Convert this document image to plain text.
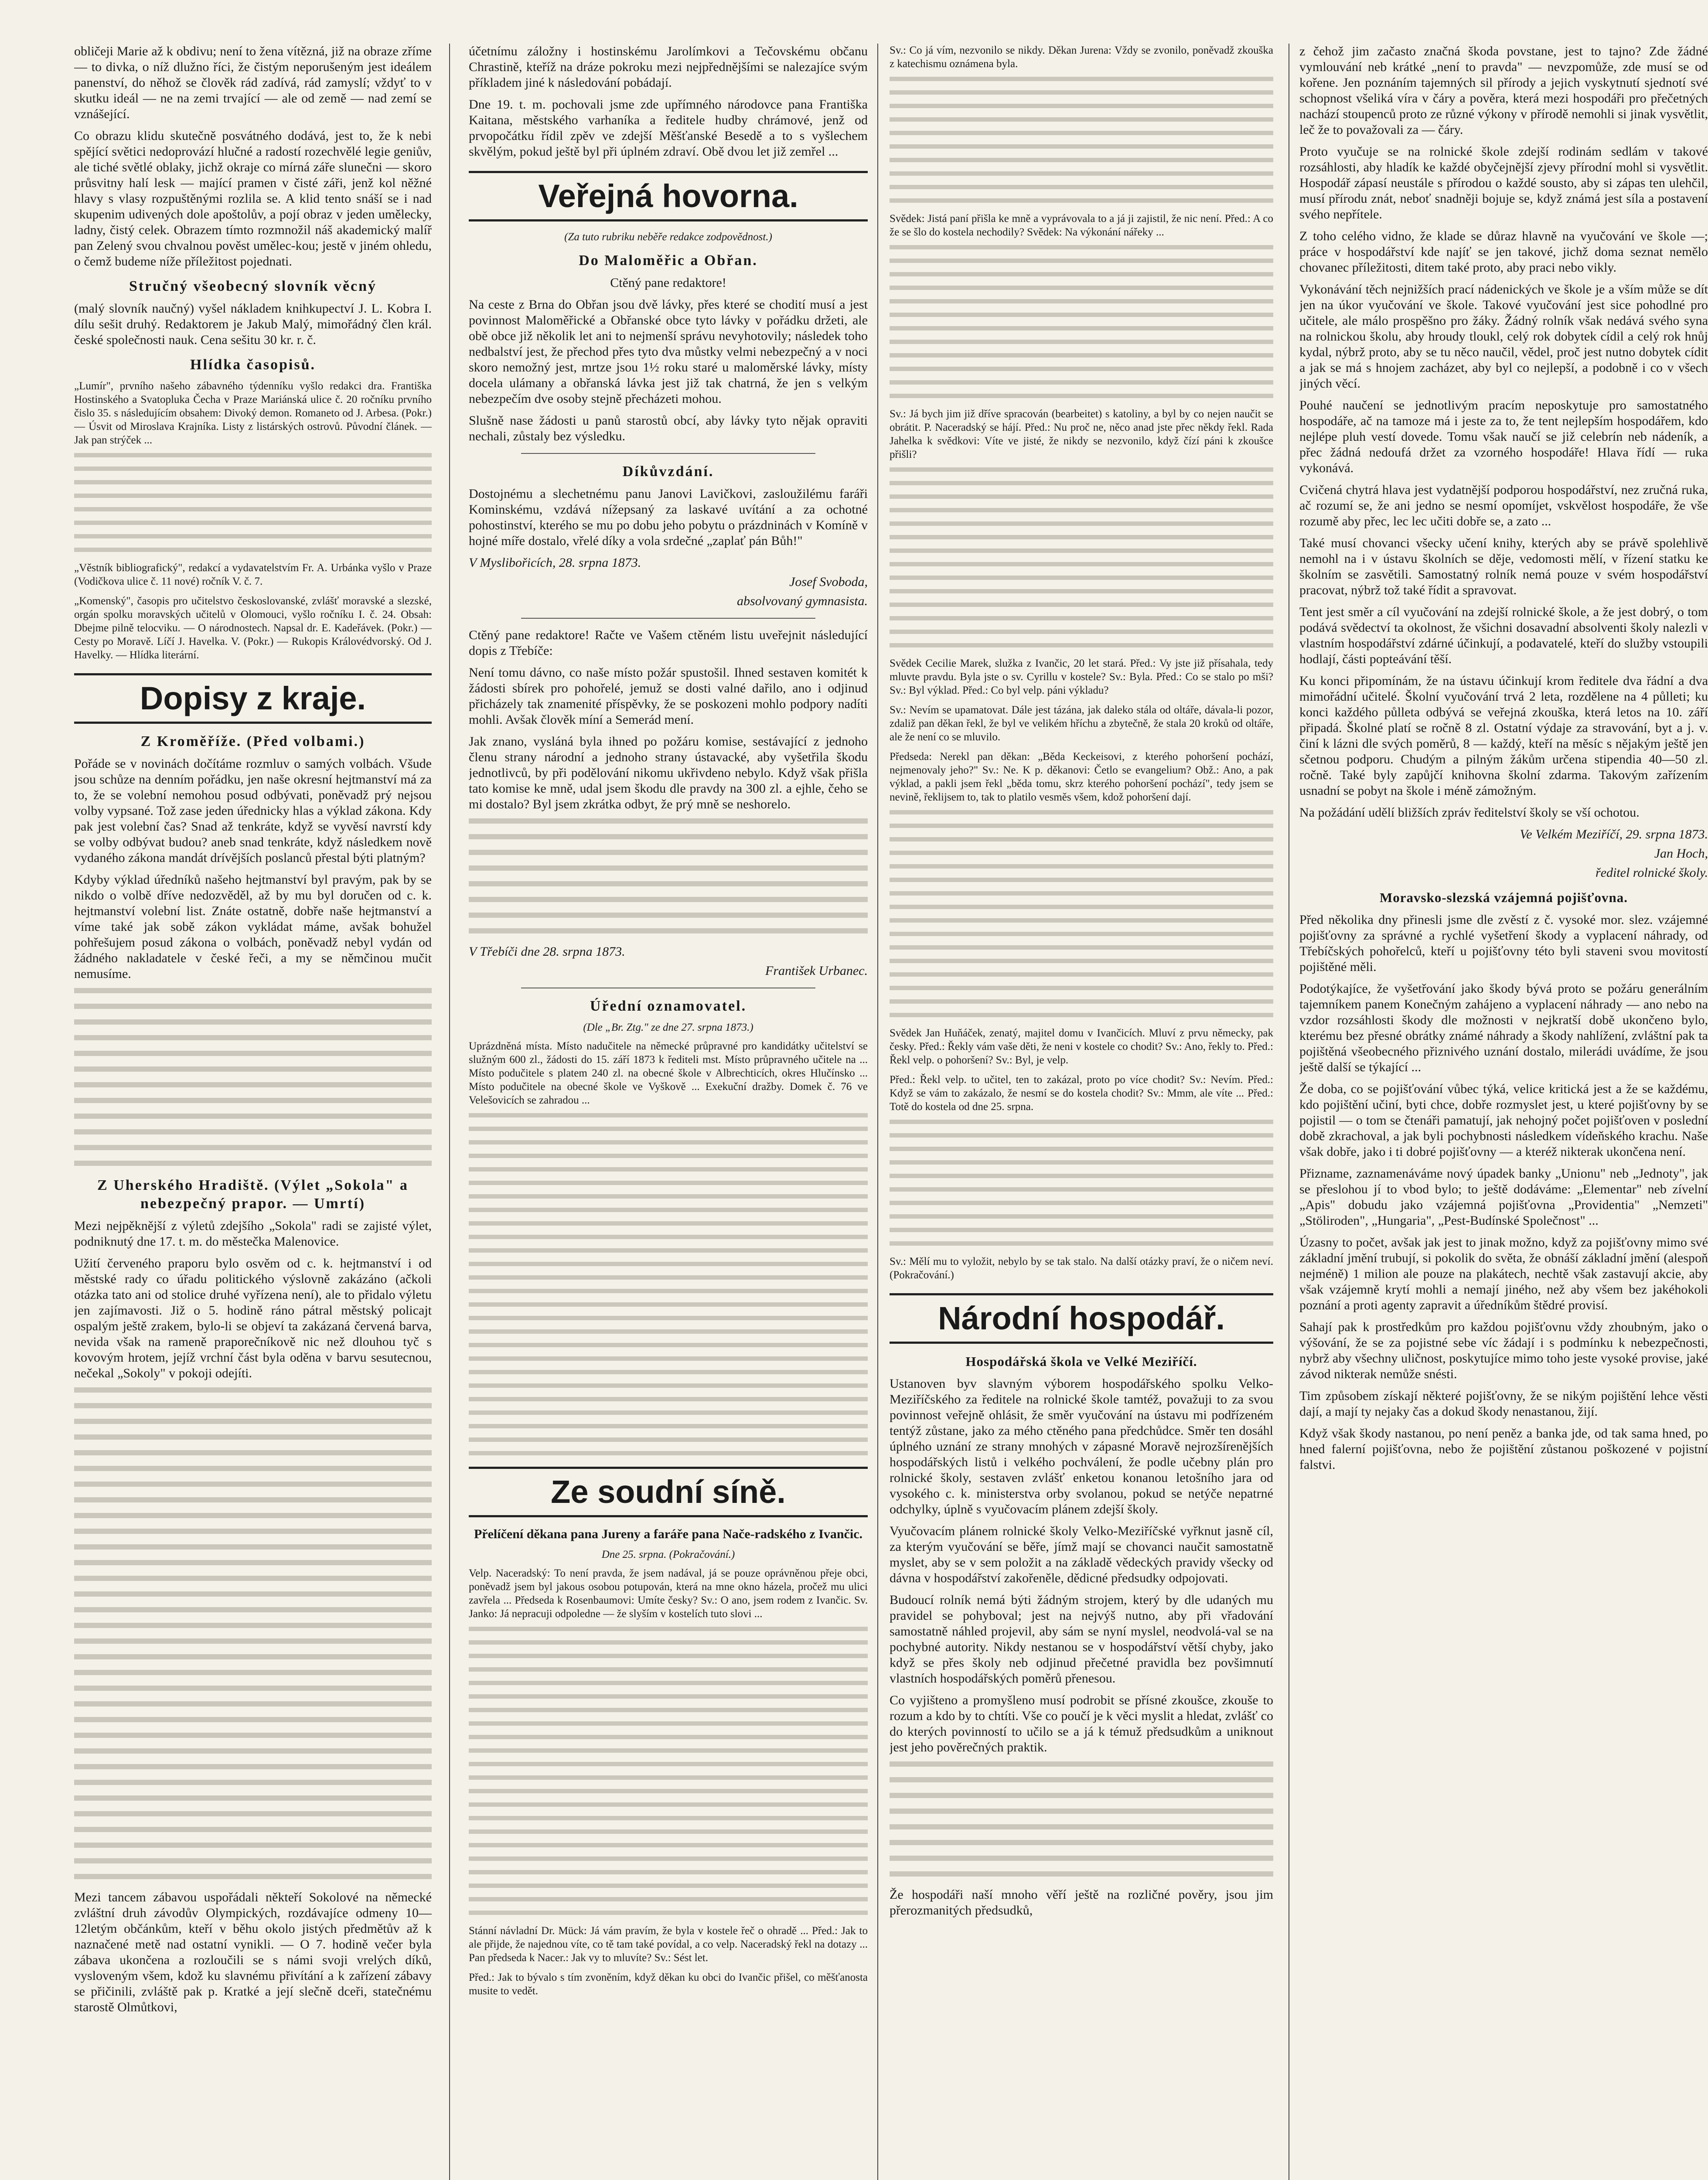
obličeji Marie až k obdivu; není to žena vítězná, již na obraze zříme — to divka, o níž dlužno říci, že čistým neporušeným jest ideálem panenství, do něhož se člověk rád zadívá, rád zamyslí; vždyť to v skutku ideál — ne na zemi trvající — ale od země — nad zemí se vznášející.

Co obrazu klidu skutečně posvátného dodává, jest to, že k nebi spějící světici nedoprovází hlučné a radostí rozechvělé legie geniův, ale tiché světlé oblaky, jichž okraje co mírná záře slunečni — skoro průsvitny halí lesk — mající pramen v čisté záři, jenž kol něžné hlavy s vlasy rozpuštěnými rozlila se. A klid tento snáší se i nad skupenim udivených dole apoštolův, a pojí obraz v jeden umělecky, ladny, čistý celek. Obrazem tímto rozmnožil náš akademický malíř pan Zelený svou chvalnou pověst umělec-kou; jestě v jiném ohledu, o čemž budeme níže příležitost pojednati.

Stručný všeobecný slovník věcný

(malý slovník naučný) vyšel nákladem knihkupectví J. L. Kobra I. dílu sešit druhý. Redaktorem je Jakub Malý, mimořádný člen král. české společnosti nauk. Cena sešitu 30 kr. r. č.

Hlídka časopisů.

„Lumír", prvního našeho zábavného týdenníku vyšlo redakci dra. Františka Hostinského a Svatopluka Čecha v Praze Mariánská ulice č. 20 ročníku prvního čislo 35. s následujícím obsahem: Divoký demon. Romaneto od J. Arbesa. (Pokr.) — Úsvit od Miroslava Krajníka. Listy z listárských ostrovů. Původní článek. — Jak pan strýček ...

„Věstník bibliografický", redakcí a vydavatelstvím Fr. A. Urbánka vyšlo v Praze (Vodičkova ulice č. 11 nové) ročník V. č. 7.

„Komenský", časopis pro učitelstvo českoslovanské, zvlášť moravské a slezské, orgán spolku moravských učitelů v Olomouci, vyšlo ročníku I. č. 24. Obsah: Dbejme pilně telocviku. — O národnostech. Napsal dr. E. Kadeřávek. (Pokr.) — Cesty po Moravě. Líčí J. Havelka. V. (Pokr.) — Rukopis Královédvorský. Od J. Havelky. — Hlídka literární.

Dopisy z kraje.
Z Kroměříže. (Před volbami.)

Pořáde se v novinách dočítáme rozmluv o samých volbách. Všude jsou schůze na denním pořádku, jen naše okresní hejtmanství má za to, že se volební nemohou posud odbývati, poněvadž prý nejsou volby vypsané. Tož zase jeden úřednicky hlas a výklad zákona. Kdy pak jest volební čas? Snad až tenkráte, když se vyvěsí navrstí kdy se volby odbývat budou? aneb snad tenkráte, když následkem nově vydaného zákona mandát drívějších poslanců přestal býti platným?

Kdyby výklad úředníků našeho hejtmanství byl pravým, pak by se nikdo o volbě dříve nedozvěděl, až by mu byl doručen od c. k. hejtmanství volební list. Znáte ostatně, dobře naše hejtmanství a víme také jak sobě zákon vykládat máme, avšak bohužel pohřešujem posud zákona o volbách, poněvadž nebyl vydán od žádného nakladatele v české řeči, a my se němčinou mučit nemusíme.

Z Uherského Hradiště. (Výlet „Sokola" a nebezpečný prapor. — Umrtí)

Mezi nejpěknější z výletů zdejšího „Sokola" radi se zajisté výlet, podniknutý dne 17. t. m. do městečka Malenovice.

Užití červeného praporu bylo osvěm od c. k. hejtmanství i od městské rady co úřadu politického výslovně zakázáno (ačkoli otázka tato ani od stolice druhé vyřízena není), ale to přidalo výletu jen zajímavosti. Již o 5. hodině ráno pátral městský policajt ospalým ještě zrakem, bylo-li se objeví ta zakázaná červená barva, nevida však na rameně praporečníkově nic než dlouhou tyč s kovovým hrotem, jejíž vrchní část byla oděna v barvu sesutecnou, nečekal „Sokoly" v pokoji odejíti.

Mezi tancem zábavou uspořádali někteří Sokolové na německé zvláštní druh závodův Olympických, rozdávajíce odmeny 10—12letým občánkům, kteří v běhu okolo jistých předmětův až k naznačené metě nad ostatní vynikli. — O 7. hodině večer byla zábava ukončena a rozloučili se s námi svoji vrelých díků, vysloveným všem, kdož ku slavnému přivítání a k zařízení zábavy se přičinili, zvláště pak p. Kratké a její slečně dceři, statečnému starostě Olmůtkovi,

účetnímu záložny i hostinskému Jarolímkovi a Tečovskému občanu Chrastině, kteříž na dráze pokroku mezi nejpřednějšími se nalezajíce svým příkladem jiné k následování pobádají.

Dne 19. t. m. pochovali jsme zde upřímného národovce pana Františka Kaitana, městského varhaníka a ředitele hudby chrámové, jenž od prvopočátku řídil zpěv ve zdejší Měšťanské Besedě a to s vyšlechem skvělým, pokud ještě byl při úplném zdraví. Obě dvou let již zemřel ...

Veřejná hovorna.

(Za tuto rubriku neběře redakce zodpovědnost.)

Do Maloměřic a Obřan.

Ctěný pane redaktore!

Na ceste z Brna do Obřan jsou dvě lávky, přes které se chodití musí a jest povinnost Maloměřické a Obřanské obce tyto lávky v pořádku držeti, ale obě obce již několik let ani to nejmenší správu nevyhotovily; následek toho nedbalství jest, že přechod přes tyto dva můstky velmi nebezpečný a v noci skoro nemožný jest, mrtze jsou 1½ roku staré u maloměrské lávky, místy docela ulámany a obřanská lávka jest již tak chatrná, že jen s velkým nebezpečím dve osoby stejně přecházeti mohou.

Slušně nase žádosti u panů starostů obcí, aby lávky tyto nějak opraviti nechali, zůstaly bez výsledku.

Díkůvzdání.

Dostojnému a slechetnému panu Janovi Lavičkovi, zasloužilému faráři Kominskému, vzdává nížepsaný za laskavé uvítání a za ochotné pohostinství, kterého se mu po dobu jeho pobytu o prázdninách v Komíně v hojné míře dostalo, vřelé díky a vola srdečné „zaplať pán Bůh!"

V Myslibořicích, 28. srpna 1873.

Josef Svoboda,

absolvovaný gymnasista.

Ctěný pane redaktore! Račte ve Vašem ctěném listu uveřejnit následující dopis z Třebíče:

Není tomu dávno, co naše místo požár spustošil. Ihned sestaven komitét k žádosti sbírek pro pohořelé, jemuž se dosti valné dařilo, ano i odjinud přicházely tak znamenité příspěvky, že se poskozeni mohlo podpory nadíti mohli. Avšak člověk míní a Semerád mení.

Jak znano, vysláná byla ihned po požáru komise, sestávající z jednoho členu strany národní a jednoho strany ústavacké, aby vyšetřila škodu jednotlivců, by při podělování nikomu ukřivdeno nebylo. Když však přišla tato komise ke mně, udal jsem škodu dle pravdy na 300 zl. a ejhle, čeho se mi dostalo? Byl jsem zkrátka odbyt, že prý mně se neshorelo.

V Třebíči dne 28. srpna 1873.

František Urbanec.

Úřední oznamovatel.

(Dle „Br. Ztg." ze dne 27. srpna 1873.)

Uprázdněná místa. Místo nadučitele na německé průpravné pro kandidátky učitelství se služným 600 zl., žádosti do 15. září 1873 k řediteli mst. Místo průpravného učitele na ... Místo podučitele s platem 240 zl. na obecné škole v Albrechticích, okres Hlučínsko ... Místo podučitele na obecné škole ve Vyškově ... Exekuční dražby. Domek č. 76 ve Velešovicích se zahradou ...

Ze soudní síně.
Přelíčení děkana pana Jureny a faráře pana Nače-radského z Ivančic.

Dne 25. srpna. (Pokračování.)

Velp. Naceradský: To není pravda, že jsem nadával, já se pouze oprávněnou přeje obci, poněvadž jsem byl jakous osobou potupován, která na mne okno házela, pročež mu ulici zavřela ... Předseda k Rosenbaumovi: Umíte česky? Sv.: O ano, jsem rodem z Ivančic. Sv. Janko: Já nepracuji odpoledne — že slyším v kostelích tuto slovi ...

Stánní návladní Dr. Mück: Já vám pravím, že byla v kostele řeč o ohradě ... Před.: Jak to ale přijde, že najednou víte, co tě tam také povídal, a co velp. Naceradský řekl na dotazy ... Pan předseda k Nacer.: Jak vy to mluvíte? Sv.: Sést let.

Před.: Jak to bývalo s tím zvoněním, když děkan ku obci do Ivančic přišel, co měšťanosta musite to vedět.

Sv.: Co já vím, nezvonilo se nikdy. Děkan Jurena: Vždy se zvonilo, poněvadž zkouška z katechismu oznámena byla.

Svědek: Jistá paní přišla ke mně a vyprávovala to a já ji zajistil, že nic není. Před.: A co že se šlo do kostela nechodily? Svědek: Na výkonání nářeky ...

Sv.: Já bych jim již dříve spracován (bearbeitet) s katoliny, a byl by co nejen naučit se obrátit. P. Naceradský se hájí. Před.: Nu proč ne, něco anad jste přec někdy řekl. Rada Jahelka k svědkovi: Víte ve jisté, že nikdy se nezvonilo, když čízí páni k zkoušce přišli?

Svědek Cecilie Marek, služka z Ivančic, 20 let stará. Před.: Vy jste již přísahala, tedy mluvte pravdu. Byla jste o sv. Cyrillu v kostele? Sv.: Byla. Před.: Co se stalo po mši? Sv.: Byl výklad. Před.: Co byl velp. páni výkladu?

Sv.: Nevím se upamatovat. Dále jest tázána, jak daleko stála od oltáře, dávala-li pozor, zdaliž pan děkan řekl, že byl ve velikém hříchu a zbytečně, že stala 20 kroků od oltáře, ale že není co se mluvilo.

Předseda: Nerekl pan děkan: „Běda Keckeisovi, z kterého pohoršení pochází, nejmenovaly jeho?" Sv.: Ne. K p. děkanovi: Četlo se evangelium? Obž.: Ano, a pak výklad, a pakli jsem řekl „běda tomu, skrz kterého pohoršení pochází", tedy jsem se nevině, řeklijsem to, tak to platilo vesměs všem, kdož pohoršení dají.

Svědek Jan Huňáček, zenatý, majitel domu v Ivančicích. Mluví z prvu německy, pak česky. Před.: Řekly vám vaše děti, že neni v kostele co chodit? Sv.: Ano, řekly to. Před.: Řekl velp. o pohoršení? Sv.: Byl, je velp.

Před.: Řekl velp. to učitel, ten to zakázal, proto po více chodit? Sv.: Nevím. Před.: Když se vám to zakázalo, že nesmí se do kostela chodit? Sv.: Mmm, ale víte ... Před.: Totě do kostela od dne 25. srpna.

Sv.: Mělí mu to vyložit, nebylo by se tak stalo. Na další otázky praví, že o ničem neví. (Pokračování.)

Národní hospodář.
Hospodářská škola ve Velké Meziříčí.

Ustanoven byv slavným výborem hospodářského spolku Velko-Meziříčského za ředitele na rolnické škole tamtéž, považuji to za svou povinnost veřejně ohlásit, že směr vyučování na ústavu mi podřízeném tentýž zůstane, jako za mého ctěného pana předchůdce. Směr ten dosáhl úplného uznání ze strany mnohých v zápasné Moravě nejrozšírenějších hospodářských listů i velkého pochválení, že podle učebny plán pro rolnické školy, sestaven zvlášť enketou konanou letošního jara od vysokého c. k. ministerstva orby svolanou, pokud se netýče nepatrné odchylky, úplně s vyučovacím plánem zdejší školy.

Vyučovacím plánem rolnické školy Velko-Meziříčské vyřknut jasně cíl, za kterým vyučování se běře, jímž mají se chovanci naučit samostatně myslet, aby se v sem položit a na základě vědeckých pravidy všecky od dávna v hospodářství zakořeněle, dědicné předsudky odpojovati.

Budoucí rolník nemá býti žádným strojem, který by dle udaných mu pravidel se pohyboval; jest na nejvýš nutno, aby při vřadování samostatně náhled projevil, aby sám se nyní myslel, neodvolá-val se na pochybné autority. Nikdy nestanou se v hospodářství větší chyby, jako když se přes školy neb odjinud přečetné pravidla bez povšimnutí vlastních hospodářských poměrů přenesou.

Co vyjišteno a promyšleno musí podrobit se přísné zkoušce, zkouše to rozum a kdo by to chtíti. Vše co poučí je k věci myslit a hledat, zvlášť co do kterých povinností to učilo se a já k témuž předsudkům a uniknout jest jeho pověrečných praktik.

Že hospodáři naší mnoho věří ještě na rozličné pověry, jsou jim přerozmanitých předsudků,

z čehož jim začasto značná škoda povstane, jest to tajno? Zde žádné vymlouvání neb krátké „není to pravda" — nevzpomůže, zde musí se od kořene. Jen poznáním tajemných sil přírody a jejich vyskytnutí sjednotí své schopnost všeliká víra v čáry a pověra, která mezi hospodáři pro přečetných nachází stoupenců proto ze různé výkony v přírodě nemohli si jinak vysvětlit, leč že to považovali za — čáry.

Proto vyučuje se na rolnické škole zdejší rodinám sedlám v takové rozsáhlosti, aby hladík ke každé obyčejnější zjevy přírodní mohl si vysvětlit. Hospodář zápasí neustále s přírodou o každé sousto, aby si zápas ten ulehčil, musí přírodu znát, neboť snadněji bojuje se, když známá jest síla a postavení svého nepřítele.

Z toho celého vidno, že klade se důraz hlavně na vyučování ve škole —; práce v hospodářství kde najíť se jen takové, jichž doma seznat nemělo chovanec příležitosti, ditem také proto, aby praci nebo vikly.

Vykonávání těch nejnižších prací nádenických ve škole je a vším může se dít jen na úkor vyučování ve škole. Takové vyučování jest sice pohodlné pro učitele, ale málo prospěšno pro žáky. Žádný rolník však nedává svého syna na rolnickou školu, aby hroudy tloukl, celý rok dobytek cídil a celý rok hnůj kydal, nýbrž proto, aby se tu něco naučil, vědel, proč jest nutno dobytek cídit a jak se má s hnojem zacházet, aby byl co nejlepší, a podobně i co v všech jiných věcí.

Pouhé naučení se jednotlivým pracím neposkytuje pro samostatného hospodáře, ač na tamoze má i jeste za to, že tent nejlepším hospodářem, kdo nejlépe pluh vestí dovede. Tomu však naučí se již celebrín neb nádeník, a přec žádná nedoufá držet za vzorného hospodáře! Hlava řídí — ruka vykonává.

Cvičená chytrá hlava jest vydatnější podporou hospodářství, nez zručná ruka, ač rozumí se, že ani jedno se nesmí opomíjet, vskvělost hospodáře, že vše rozumě aby přec, lec lec učiti dobře se, a zato ...

Také musí chovanci všecky učení knihy, kterých aby se právě spolehlivě nemohl na i v ústavu školních se děje, vedomosti mělí, v řízení statku ke školním se zasvětili. Samostatný rolník nemá pouze v svém hospodářství pracovat, nýbrž tož také řídit a spravovat.

Tent jest směr a cíl vyučování na zdejší rolnické škole, a že jest dobrý, o tom podává svědectví ta okolnost, že všichni dosavadní absolventi školy nalezli v vlastním hospodářství zdárné účinkují, a podavatelé, kteří do služby vstoupili hodlají, části popteávání těší.

Ku konci připomínám, že na ústavu účinkují krom ředitele dva řádní a dva mimořádní učitelé. Školní vyučování trvá 2 leta, rozdělene na 4 půlleti; ku konci každého půlleta odbývá se veřejná zkouška, která letos na 10. září připadá. Školné platí se ročně 8 zl. Ostatní výdaje za stravování, byt a j. v. činí k lázni dle svých poměrů, 8 — každý, kteří na měsíc s nějakým ještě jen sčetnou podporu. Chudým a pilným žákům určena stipendia 40—50 zl. ročně. Také byly zapůjčí knihovna školní zdarma. Takovým zařízením usnadní se pobyt na škole i méně zámožným.

Na požádání udělí bližších zpráv ředitelství školy se vší ochotou.

Ve Velkém Meziříčí, 29. srpna 1873.

Jan Hoch,

ředitel rolnické školy.

Moravsko-slezská vzájemná pojišťovna.

Před několika dny přinesli jsme dle zvěstí z č. vysoké mor. slez. vzájemné pojišťovny za správné a rychlé vyšetření škody a vyplacení náhrady, od Třebíčských pohořelců, kteří u pojišťovny této byli staveni svou movitostí pojištěné měli.

Podotýkajíce, že vyšetřování jako škody bývá proto se požáru generálním tajemníkem panem Konečným zahájeno a vyplacení náhrady — ano nebo na vzdor rozsáhlosti škody dle možnosti v nejkratší době ukončeno bylo, kterému bez přesné obrátky známé náhrady a škody nahlížení, zvláštní pak ta pojištěná všeobecného přiznivého uznání dostalo, milerádi uvádíme, že jsou ještě další se týkající ...

Že doba, co se pojišťování vůbec týká, velice kritická jest a že se každému, kdo pojištění učiní, byti chce, dobře rozmyslet jest, u které pojišťovny by se pojistil — o tom se čtenáři pamatují, jak nehojný počet pojišťoven v poslední době zkrachoval, a jak byli pochybnosti následkem vídeňského krachu. Naše však dobře, jako i ti dobré pojišťovny — a kteréž nikterak ukončena není.

Přizname, zaznamenáváme nový úpadek banky „Unionu" neb „Jednoty", jak se přeslohou jí to vbod bylo; to ještě dodáváme: „Elementar" neb zívelní „Apis" dobudu jako vzájemná pojišťovna „Providentia" „Nemzeti" „Stöliroden", „Hungaria", „Pest-Budínské Společnost" ...

Úzasny to počet, avšak jak jest to jinak možno, když za pojišťovny mimo své základní jmění trubují, si pokolik do světa, že obnáší základní jmění (alespoň nejméně) 1 milion ale pouze na plakátech, nechtě však zastavují akcie, aby však vzájemně krytí mohli a nemají jiného, než aby všem bez jakéhokoli poznání a proti agenty zapravit a úředníkům štědré provisí.

Sahají pak k prostředkům pro každou pojišťovnu vždy zhoubným, jako o výšování, že se za pojistné sebe víc žádají i s podmínku k nebezpečnosti, nybrž aby všechny uličnost, poskytujíce mimo toho jeste vysoké provise, jaké závod nikterak nemůže snésti.

Tim způsobem získají některé pojišťovny, že se nikým pojištění lehce věsti dají, a mají ty nejaky čas a dokud škody nenastanou, žijí.

Když však škody nastanou, po není peněz a banka jde, od tak sama hned, po hned falerní pojišťovna, nebo že pojištění zůstanou poškozené v pojistní falstvi.
